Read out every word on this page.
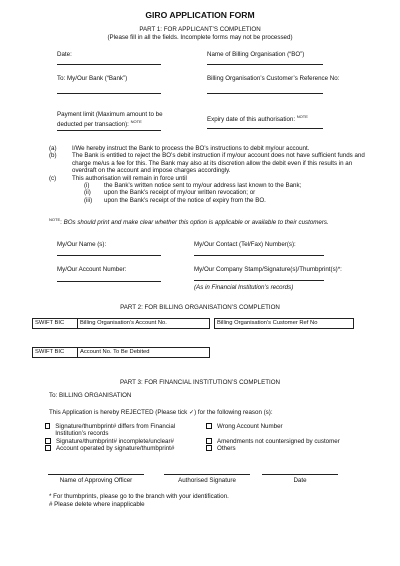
GIRO APPLICATION FORM
PART 1: FOR APPLICANT’S COMPLETION
(Please fill in all the fields. Incomplete forms may not be processed)
Date:	Name of Billing Organisation (“BO”)
To: My/Our Bank (“Bank”)	Billing Organisation’s Customer’s Reference No:
Payment limit (Maximum amount to be deducted per transaction): $^{NOTE}$	Expiry date of this authorisation: $^{NOTE}$
(a)	I/We hereby instruct the Bank to process the BO’s instructions to debit my/our account.
(b)	The Bank is entitled to reject the BO’s debit instruction if my/our account does not have sufficient funds and charge me/us a fee for this. The Bank may also at its discretion allow the debit even if this results in an overdraft on the account and impose charges accordingly.
(c)	This authorisation will remain in force until
(i)	the Bank’s written notice sent to my/our address last known to the Bank;
(ii)	upon the Bank’s receipt of my/our written revocation; or
(iii)	upon the Bank’s receipt of the notice of expiry from the BO.
$^{NOTE}$: BOs should print and make clear whether this option is applicable or available to their customers.
My/Our Name (s):	My/Our Contact (Tel/Fax) Number(s):
My/Our Account Number:	My/Our Company Stamp/Signature(s)/Thumbprint(s)*:
(As in Financial Institution’s records)
PART 2: FOR BILLING ORGANISATION’S COMPLETION
SWIFT BIC	Billing Organisation’s Account No.	Billing Organisation’s Customer Ref No
SWIFT BIC	Account No. To Be Debited
PART 3: FOR FINANCIAL INSTITUTION’S COMPLETION
To: BILLING ORGANISATION
This Application is hereby REJECTED (Please tick ✓) for the following reason (s):
Signature/thumbprint# differs from Financial Institution’s records
Signature/thumbprint# incomplete/unclear#
Account operated by signature/thumbprint#
Wrong Account Number
Amendments not countersigned by customer
Others
Name of Approving Officer	Authorised Signature	Date
* For thumbprints, please go to the branch with your identification.
# Please delete where inapplicable
